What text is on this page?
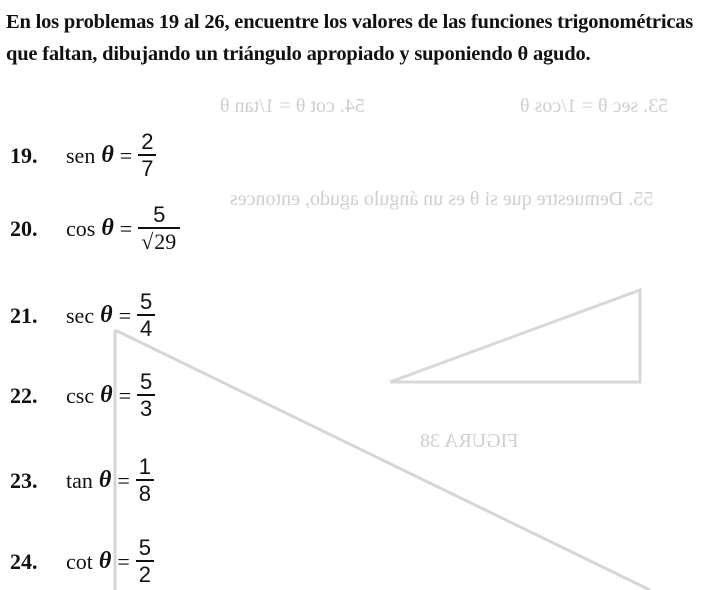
53. sec θ = 1/cos θ
54. cot θ = 1/tan θ
55. Demuestre que si θ es un ángulo agudo, entonces
FIGURA 38
En los problemas 19 al 26, encuentre los valores de las funciones trigonométricas que faltan, dibujando un triángulo apropiado y suponiendo θ agudo.
19.	sen $\theta = \frac{2}{7}$
20.	$\cos \theta = \frac{5}{√29}$
21.	$\sec \theta = \frac{5}{4}$
22.	$\csc \theta = \frac{5}{3}$
23.	$\tan \theta = \frac{1}{8}$
24.	$\cot \theta = \frac{5}{2}$
